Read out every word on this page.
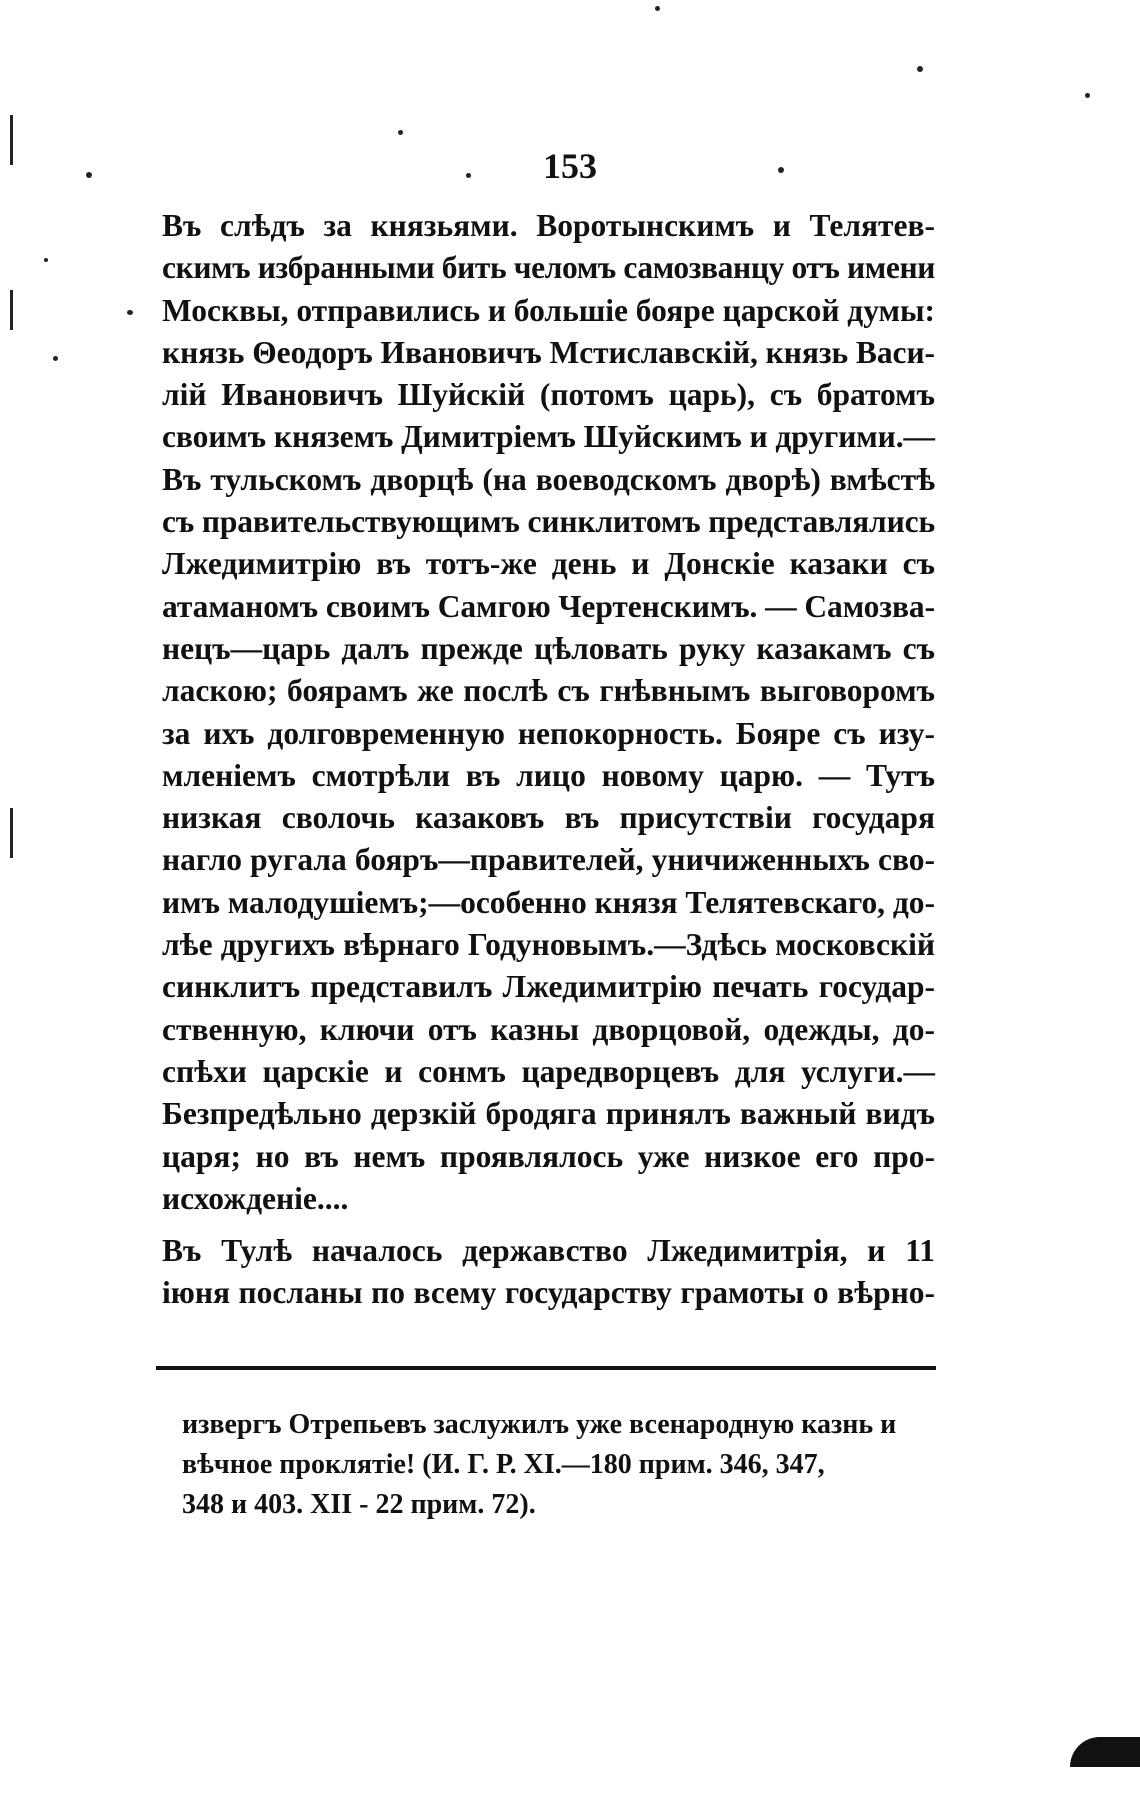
153
Въ слѣдъ за князьями. Воротынскимъ и Телятев-
скимъ избранными бить челомъ самозванцу отъ имени
Москвы, отправились и большіе бояре царской думы:
князь Θеодоръ Ивановичъ Мстиславскій, князь Васи-
лій Ивановичъ Шуйскій (потомъ царь), съ братомъ
своимъ княземъ Димитріемъ Шуйскимъ и другими.—
Въ тульскомъ дворцѣ (на воеводскомъ дворѣ) вмѣстѣ
съ правительствующимъ синклитомъ представлялись
Лжедимитрію въ тотъ-же день и Донскіе казаки съ
атаманомъ своимъ Самгою Чертенскимъ. — Самозва-
нецъ—царь далъ прежде цѣловать руку казакамъ съ
ласкою; боярамъ же послѣ съ гнѣвнымъ выговоромъ
за ихъ долговременную непокорность. Бояре съ изу-
мленіемъ смотрѣли въ лицо новому царю. — Тутъ
низкая сволочь казаковъ въ присутствіи государя
нагло ругала бояръ—правителей, уничиженныхъ сво-
имъ малодушіемъ;—особенно князя Телятевскаго, до-
лѣе другихъ вѣрнаго Годуновымъ.—Здѣсь московскій
синклитъ представилъ Лжедимитрію печать государ-
ственную, ключи отъ казны дворцовой, одежды, до-
спѣхи царскіе и сонмъ царедворцевъ для услуги.—
Безпредѣльно дерзкій бродяга принялъ важный видъ
царя; но въ немъ проявлялось уже низкое его про-
исхожденіе....
Въ Тулѣ началось державство Лжедимитрія, и 11
іюня посланы по всему государству грамоты о вѣрно-
извергъ Отрепьевъ заслужилъ уже всенародную казнь и
вѣчное проклятіе! (И. Г. Р. XI.—180 прим. 346, 347,
348 и 403. XII - 22 прим. 72).
